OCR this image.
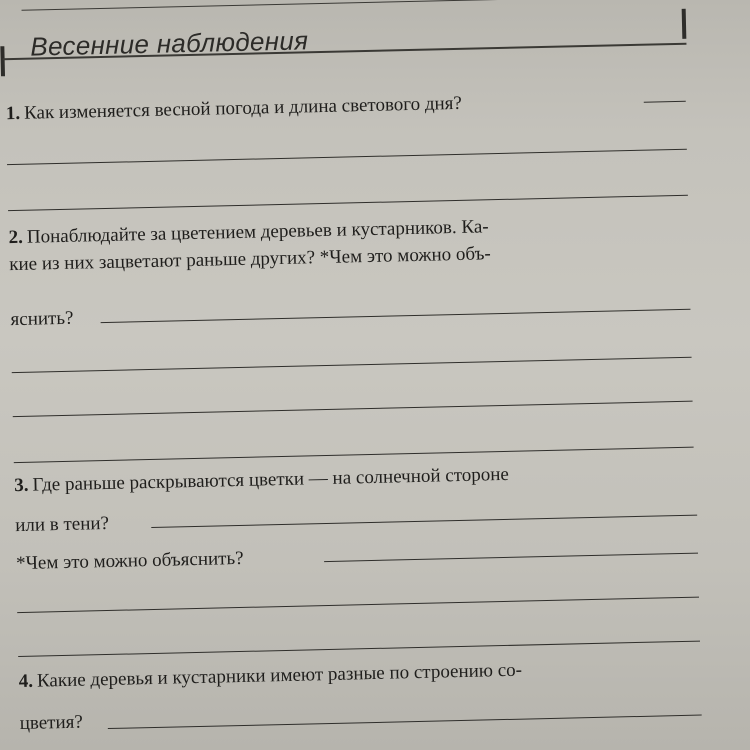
Весенние наблюдения
1. Как изменяется весной погода и длина светового дня?
2. Понаблюдайте за цветением деревьев и кустарников. Ка-
кие из них зацветают раньше других? *Чем это можно объ-
яснить?
3. Где раньше раскрываются цветки — на солнечной стороне
или в тени?
*Чем это можно объяснить?
4. Какие деревья и кустарники имеют разные по строению со-
цветия?
